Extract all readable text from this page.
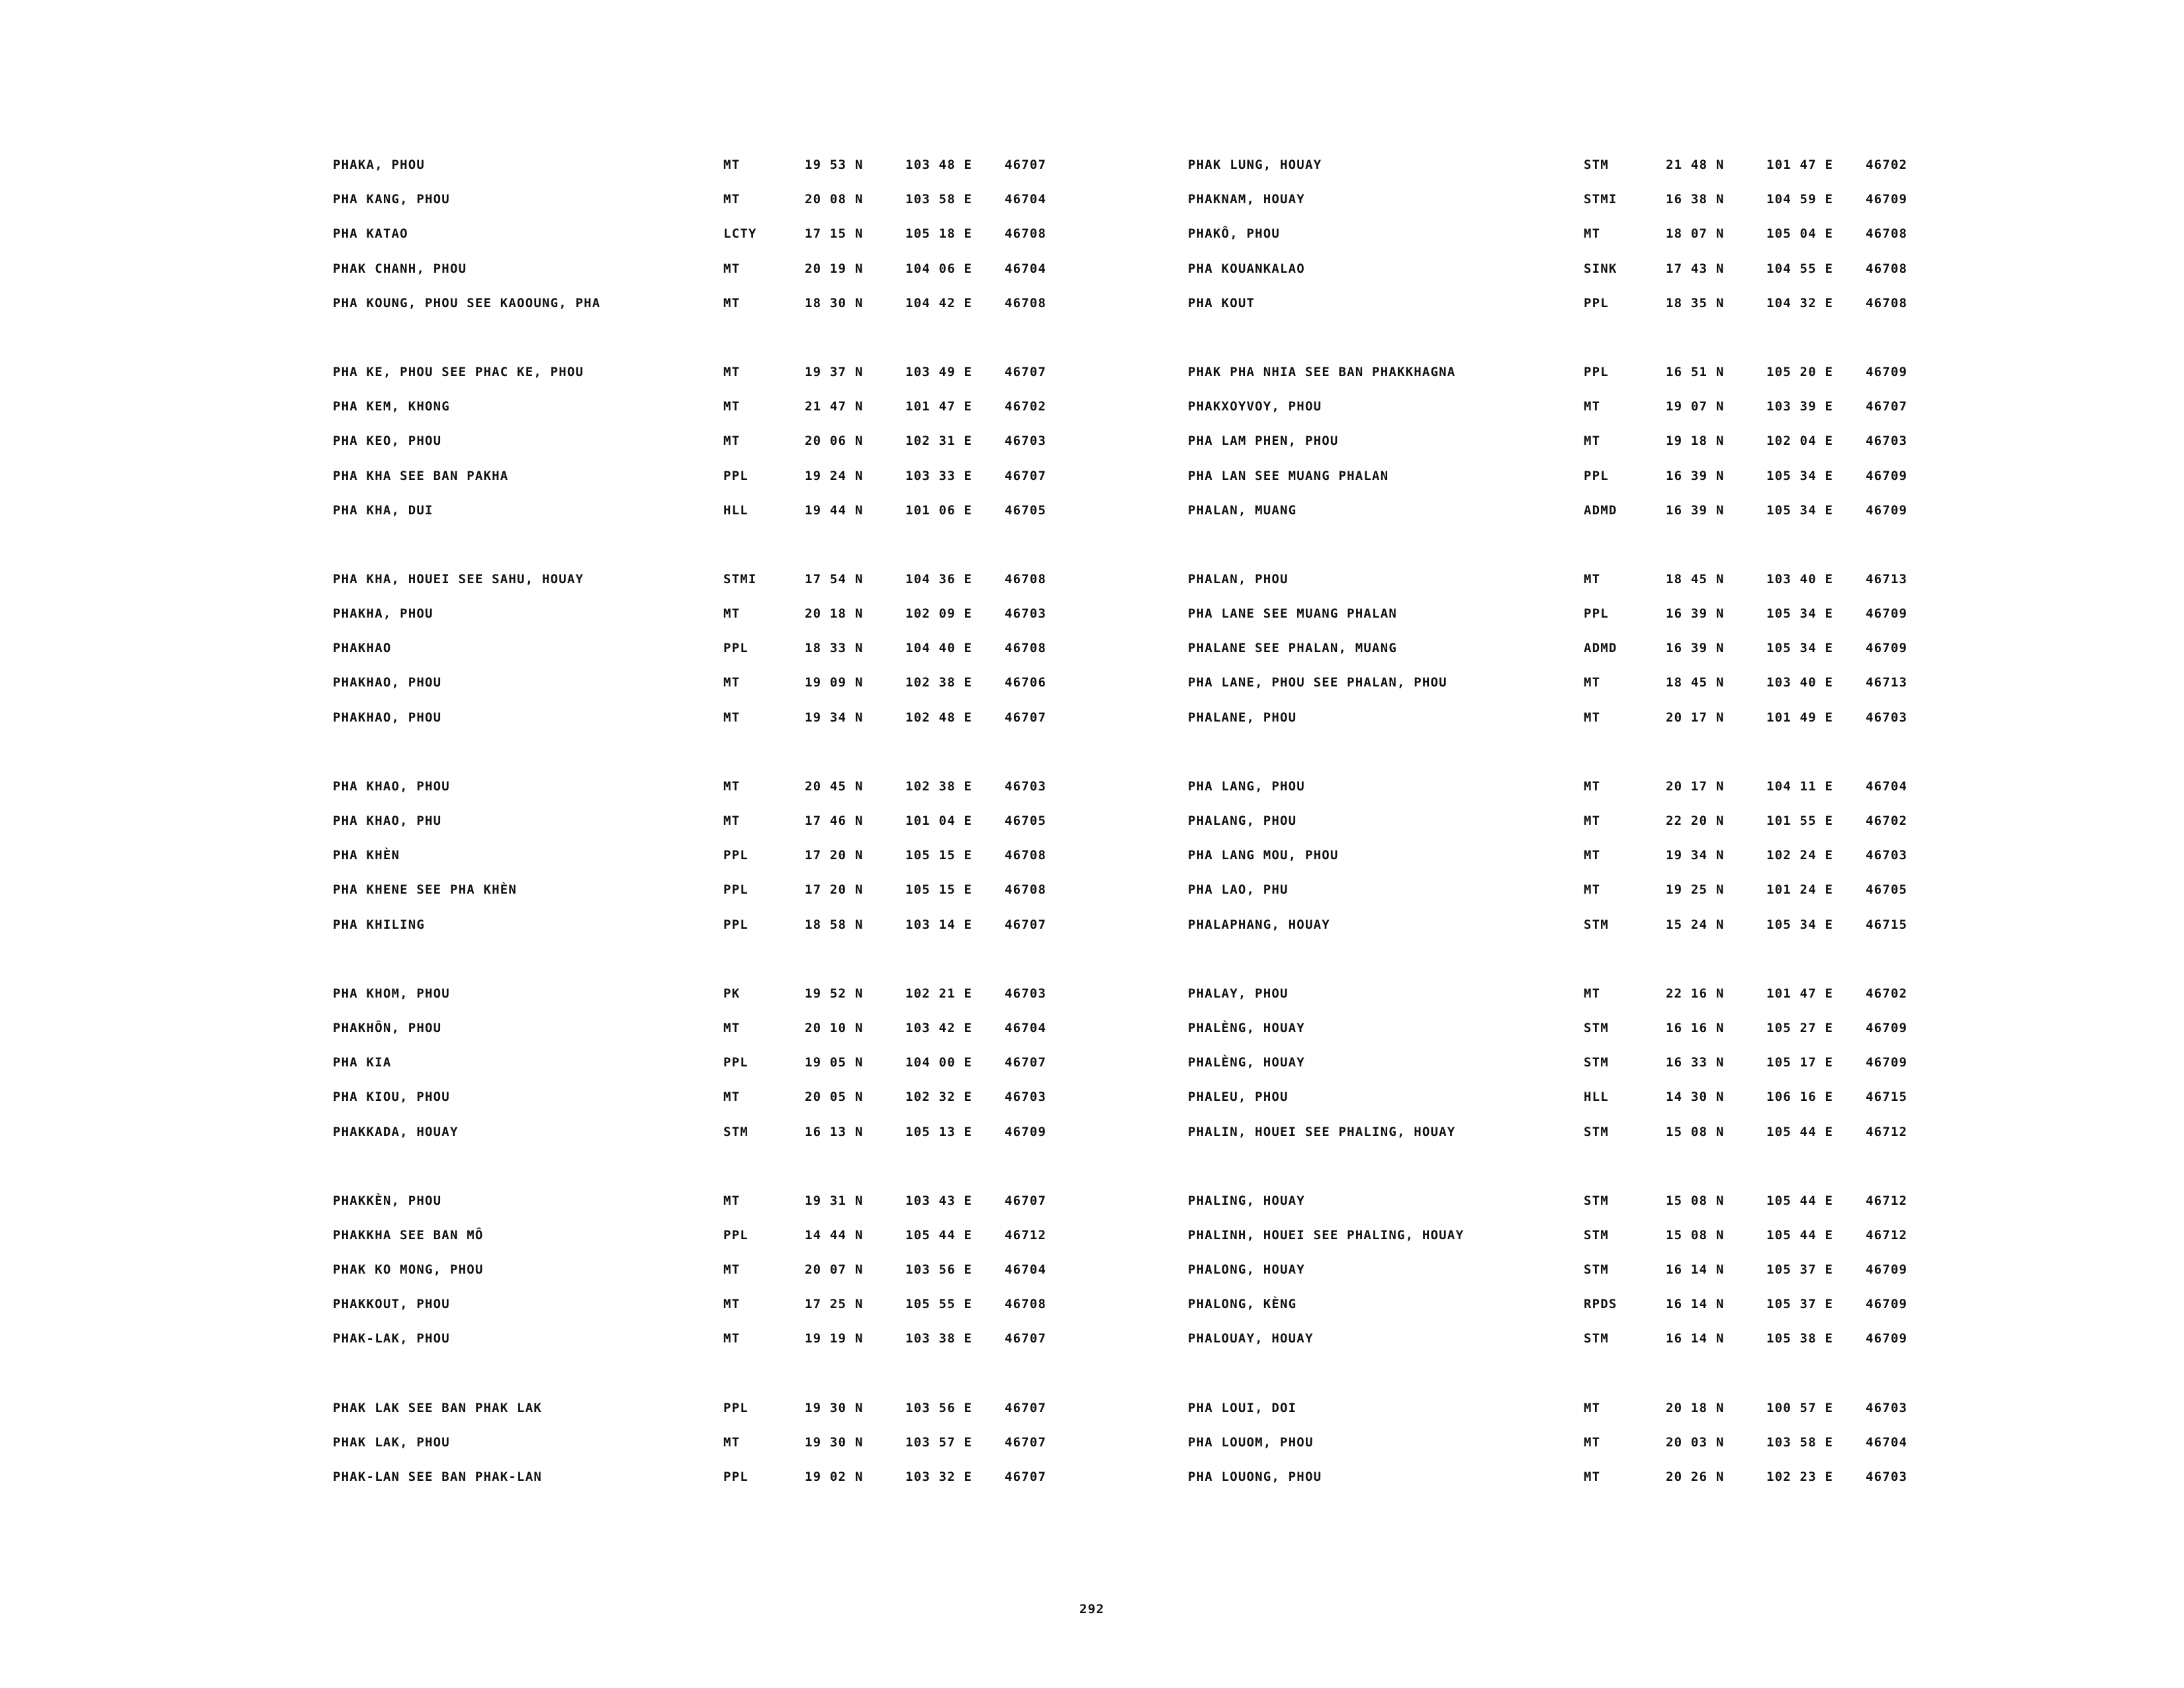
PHAKA, PHOU	MT	19 53 N	103 48 E	46707
PHA KANG, PHOU	MT	20 08 N	103 58 E	46704
PHA KATAO	LCTY	17 15 N	105 18 E	46708
PHAK CHANH, PHOU	MT	20 19 N	104 06 E	46704
PHA KOUNG, PHOU SEE KAOOUNG, PHA	MT	18 30 N	104 42 E	46708
PHA KE, PHOU SEE PHAC KE, PHOU	MT	19 37 N	103 49 E	46707
PHA KEM, KHONG	MT	21 47 N	101 47 E	46702
PHA KEO, PHOU	MT	20 06 N	102 31 E	46703
PHA KHA SEE BAN PAKHA	PPL	19 24 N	103 33 E	46707
PHA KHA, DUI	HLL	19 44 N	101 06 E	46705
PHA KHA, HOUEI SEE SAHU, HOUAY	STMI	17 54 N	104 36 E	46708
PHAKHA, PHOU	MT	20 18 N	102 09 E	46703
PHAKHAO	PPL	18 33 N	104 40 E	46708
PHAKHAO, PHOU	MT	19 09 N	102 38 E	46706
PHAKHAO, PHOU	MT	19 34 N	102 48 E	46707
PHA KHAO, PHOU	MT	20 45 N	102 38 E	46703
PHA KHAO, PHU	MT	17 46 N	101 04 E	46705
PHA KHÈN	PPL	17 20 N	105 15 E	46708
PHA KHENE SEE PHA KHÈN	PPL	17 20 N	105 15 E	46708
PHA KHILING	PPL	18 58 N	103 14 E	46707
PHA KHOM, PHOU	PK	19 52 N	102 21 E	46703
PHAKHÔN, PHOU	MT	20 10 N	103 42 E	46704
PHA KIA	PPL	19 05 N	104 00 E	46707
PHA KIOU, PHOU	MT	20 05 N	102 32 E	46703
PHAKKADA, HOUAY	STM	16 13 N	105 13 E	46709
PHAKKÈN, PHOU	MT	19 31 N	103 43 E	46707
PHAKKHA SEE BAN MÔ	PPL	14 44 N	105 44 E	46712
PHAK KO MONG, PHOU	MT	20 07 N	103 56 E	46704
PHAKKOUT, PHOU	MT	17 25 N	105 55 E	46708
PHAK-LAK, PHOU	MT	19 19 N	103 38 E	46707
PHAK LAK SEE BAN PHAK LAK	PPL	19 30 N	103 56 E	46707
PHAK LAK, PHOU	MT	19 30 N	103 57 E	46707
PHAK-LAN SEE BAN PHAK-LAN	PPL	19 02 N	103 32 E	46707
PHAK LUNG, HOUAY	STM	21 48 N	101 47 E	46702
PHAKNAM, HOUAY	STMI	16 38 N	104 59 E	46709
PHAKÔ, PHOU	MT	18 07 N	105 04 E	46708
PHA KOUANKALAO	SINK	17 43 N	104 55 E	46708
PHA KOUT	PPL	18 35 N	104 32 E	46708
PHAK PHA NHIA SEE BAN PHAKKHAGNA	PPL	16 51 N	105 20 E	46709
PHAKXOYVOY, PHOU	MT	19 07 N	103 39 E	46707
PHA LAM PHEN, PHOU	MT	19 18 N	102 04 E	46703
PHA LAN SEE MUANG PHALAN	PPL	16 39 N	105 34 E	46709
PHALAN, MUANG	ADMD	16 39 N	105 34 E	46709
PHALAN, PHOU	MT	18 45 N	103 40 E	46713
PHA LANE SEE MUANG PHALAN	PPL	16 39 N	105 34 E	46709
PHALANE SEE PHALAN, MUANG	ADMD	16 39 N	105 34 E	46709
PHA LANE, PHOU SEE PHALAN, PHOU	MT	18 45 N	103 40 E	46713
PHALANE, PHOU	MT	20 17 N	101 49 E	46703
PHA LANG, PHOU	MT	20 17 N	104 11 E	46704
PHALANG, PHOU	MT	22 20 N	101 55 E	46702
PHA LANG MOU, PHOU	MT	19 34 N	102 24 E	46703
PHA LAO, PHU	MT	19 25 N	101 24 E	46705
PHALAPHANG, HOUAY	STM	15 24 N	105 34 E	46715
PHALAY, PHOU	MT	22 16 N	101 47 E	46702
PHALÈNG, HOUAY	STM	16 16 N	105 27 E	46709
PHALÈNG, HOUAY	STM	16 33 N	105 17 E	46709
PHALEU, PHOU	HLL	14 30 N	106 16 E	46715
PHALIN, HOUEI SEE PHALING, HOUAY	STM	15 08 N	105 44 E	46712
PHALING, HOUAY	STM	15 08 N	105 44 E	46712
PHALINH, HOUEI SEE PHALING, HOUAY	STM	15 08 N	105 44 E	46712
PHALONG, HOUAY	STM	16 14 N	105 37 E	46709
PHALONG, KÈNG	RPDS	16 14 N	105 37 E	46709
PHALOUAY, HOUAY	STM	16 14 N	105 38 E	46709
PHA LOUI, DOI	MT	20 18 N	100 57 E	46703
PHA LOUOM, PHOU	MT	20 03 N	103 58 E	46704
PHA LOUONG, PHOU	MT	20 26 N	102 23 E	46703
292
